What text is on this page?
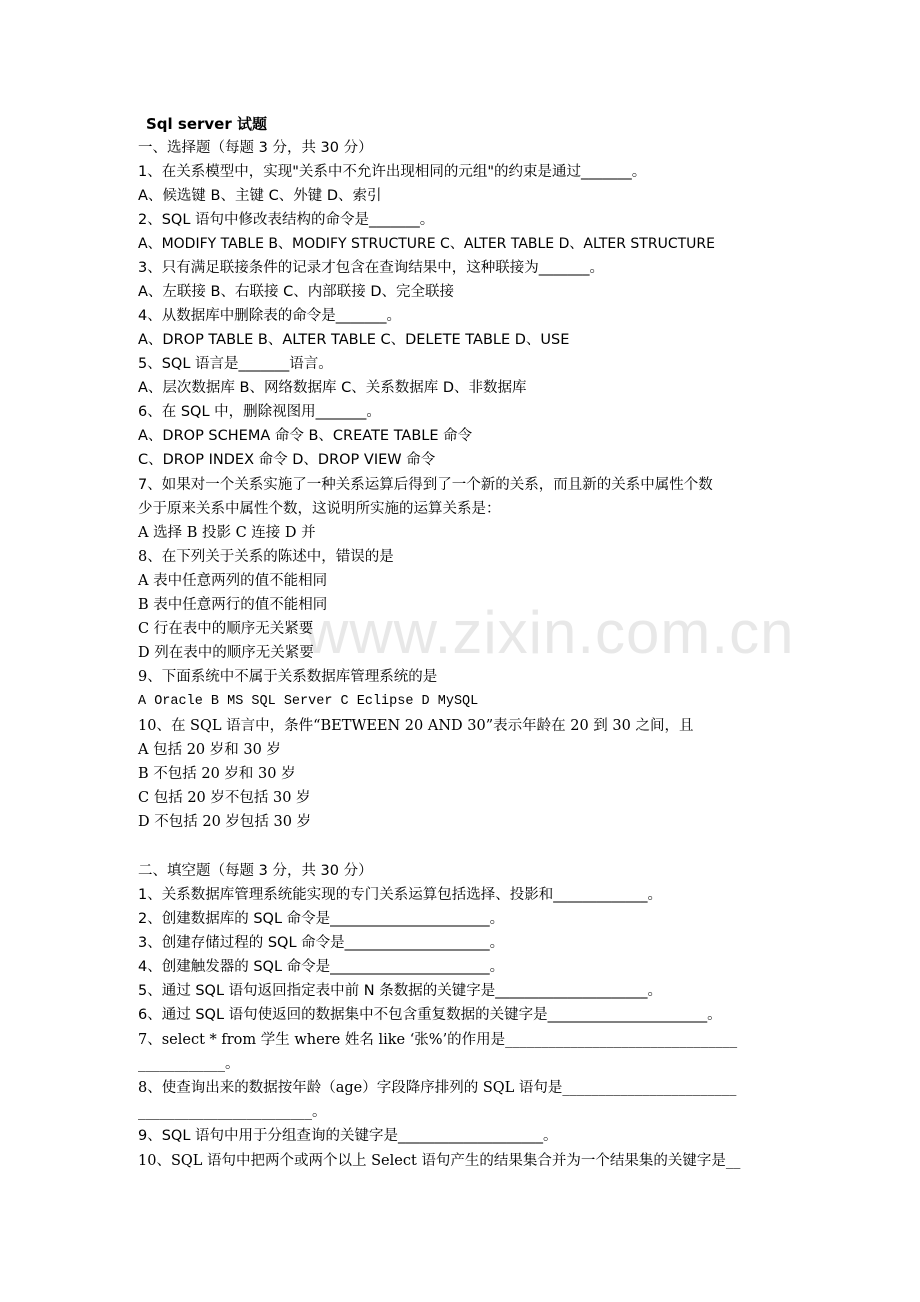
www.zixin.com.cn
Sql server 试题
一、选择题（每题 3 分，共 30 分）
1、在关系模型中，实现"关系中不允许出现相同的元组"的约束是通过_______。
A、候选键 B、主键 C、外键 D、索引
2、SQL 语句中修改表结构的命令是_______。
A、MODIFY TABLE B、MODIFY STRUCTURE C、ALTER TABLE D、ALTER STRUCTURE
3、只有满足联接条件的记录才包含在查询结果中，这种联接为_______。
A、左联接 B、右联接 C、内部联接 D、完全联接
4、从数据库中删除表的命令是_______。
A、DROP TABLE B、ALTER TABLE C、DELETE TABLE D、USE
5、SQL 语言是_______语言。
A、层次数据库 B、网络数据库 C、关系数据库 D、非数据库
6、在 SQL 中，删除视图用_______。
A、DROP SCHEMA 命令 B、CREATE TABLE 命令
C、DROP INDEX 命令 D、DROP VIEW 命令
7、如果对一个关系实施了一种关系运算后得到了一个新的关系，而且新的关系中属性个数
少于原来关系中属性个数，这说明所实施的运算关系是：
A 选择 B 投影 C 连接 D 并
8、在下列关于关系的陈述中，错误的是
A 表中任意两列的值不能相同
B 表中任意两行的值不能相同
C 行在表中的顺序无关紧要
D 列在表中的顺序无关紧要
9、下面系统中不属于关系数据库管理系统的是
A Oracle B MS SQL Server C Eclipse D MySQL
10、在 SQL 语言中，条件“BETWEEN 20 AND 30”表示年龄在 20 到 30 之间，且
A 包括 20 岁和 30 岁
B 不包括 20 岁和 30 岁
C 包括 20 岁不包括 30 岁
D 不包括 20 岁包括 30 岁
二、填空题（每题 3 分，共 30 分）
1、关系数据库管理系统能实现的专门关系运算包括选择、投影和_____________。
2、创建数据库的 SQL 命令是______________________。
3、创建存储过程的 SQL 命令是____________________。
4、创建触发器的 SQL 命令是______________________。
5、通过 SQL 语句返回指定表中前 N 条数据的关键字是_____________________。
6、通过 SQL 语句使返回的数据集中不包含重复数据的关键字是______________________。
7、select * from 学生 where 姓名 like ‘张%’的作用是________________________________
____________。
8、使查询出来的数据按年龄（age）字段降序排列的 SQL 语句是________________________
________________________。
9、SQL 语句中用于分组查询的关键字是____________________。
10、SQL 语句中把两个或两个以上 Select 语句产生的结果集合并为一个结果集的关键字是__
